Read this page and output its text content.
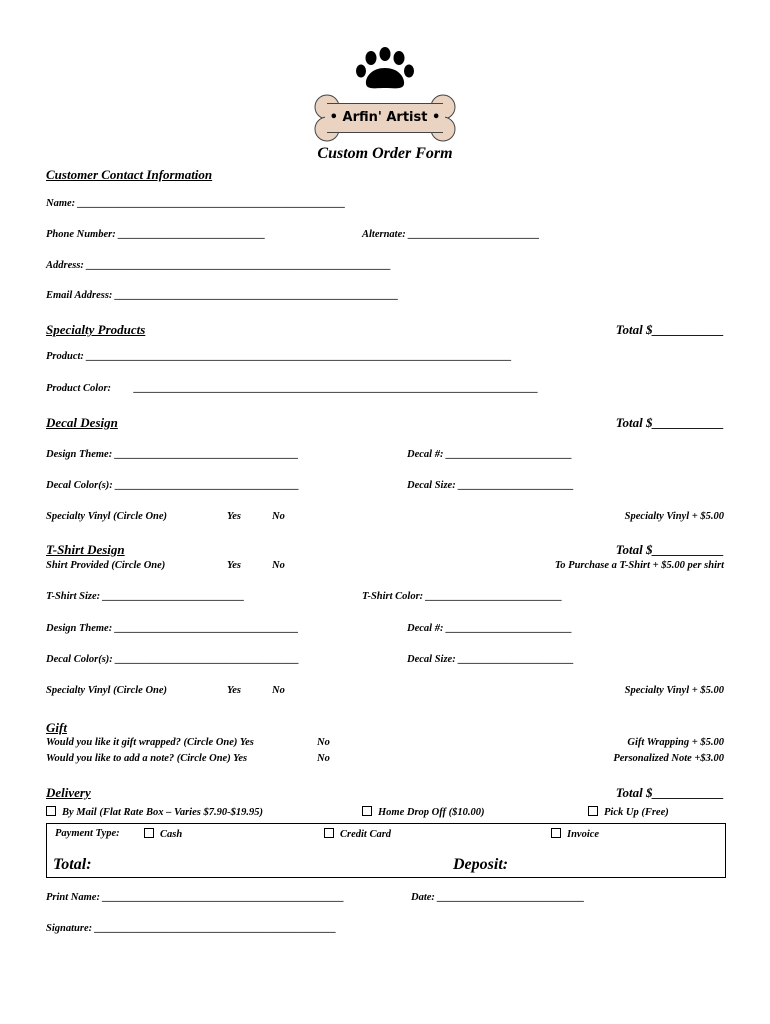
• Arfin' Artist •
Custom Order Form
Customer Contact Information
Name: ___________________________________________________
Phone Number: ____________________________	Alternate: _________________________
Address: __________________________________________________________
Email Address: ______________________________________________________
Specialty Products	Total $___________
Product: _________________________________________________________________________________
Product Color: _____________________________________________________________________________
Decal Design	Total $___________
Design Theme: ___________________________________	Decal #: ________________________
Decal Color(s): ___________________________________	Decal Size: ______________________
Specialty Vinyl (Circle One)	Yes	No	Specialty Vinyl + $5.00
T-Shirt Design	Total $___________
Shirt Provided (Circle One)	Yes	No	To Purchase a T-Shirt + $5.00 per shirt
T-Shirt Size: ___________________________	T-Shirt Color: __________________________
Design Theme: ___________________________________	Decal #: ________________________
Decal Color(s): ___________________________________	Decal Size: ______________________
Specialty Vinyl (Circle One)	Yes	No	Specialty Vinyl + $5.00
Gift
Would you like it gift wrapped? (Circle One) Yes	No	Gift Wrapping + $5.00
Would you like to add a note? (Circle One) Yes	No	Personalized Note +$3.00
Delivery	Total $___________
By Mail (Flat Rate Box – Varies $7.90-$19.95)	Home Drop Off ($10.00)	Pick Up (Free)
Payment Type:	Cash	Credit Card	Invoice
Total:	Deposit:
Print Name: ______________________________________________	Date: ____________________________
Signature: ______________________________________________
